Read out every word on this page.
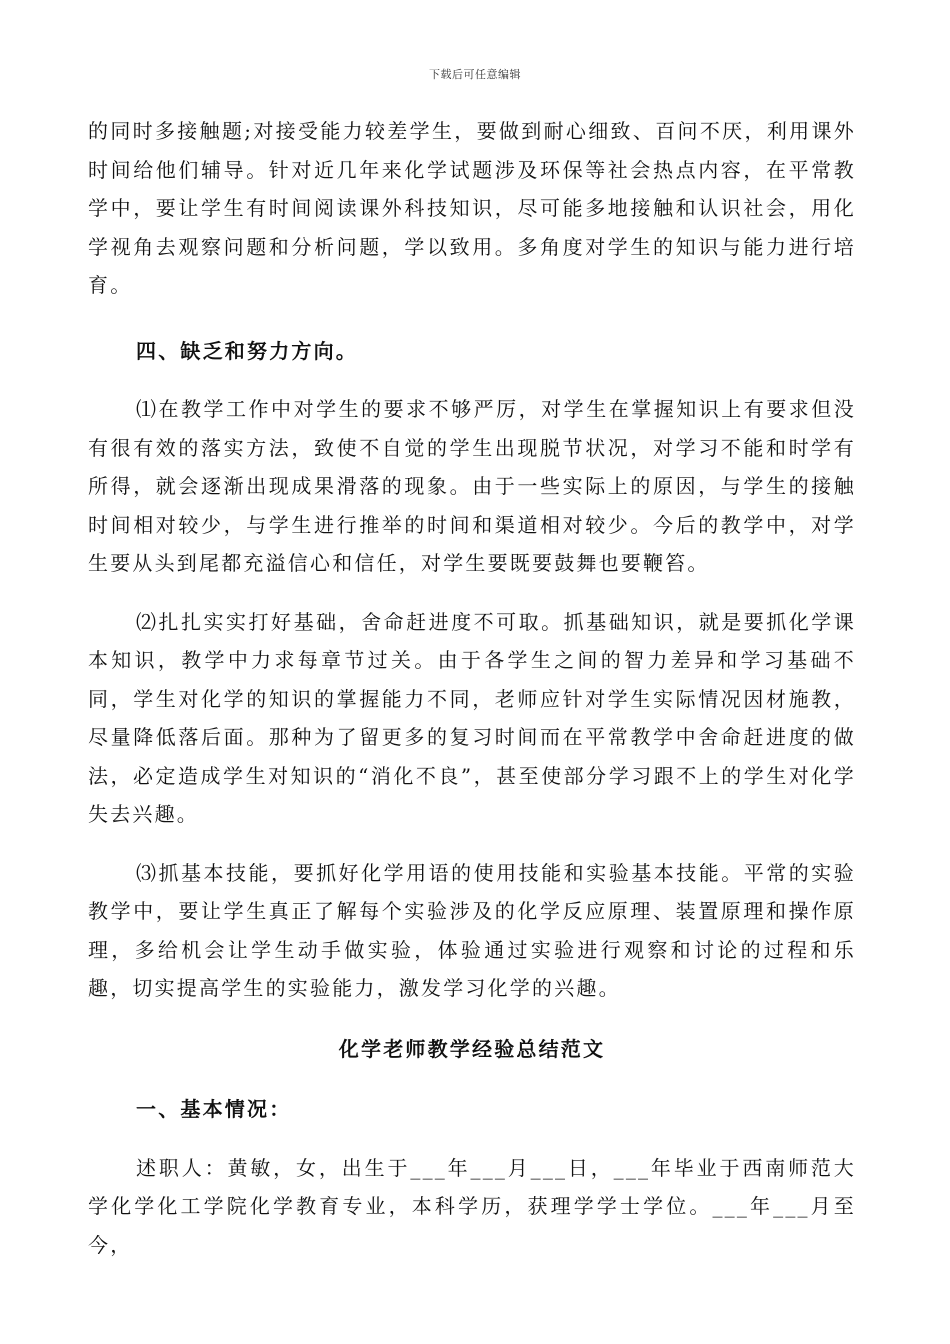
下载后可任意编辑

的同时多接触题;对接受能力较差学生，要做到耐心细致、百问不厌，利用课外时间给他们辅导。针对近几年来化学试题涉及环保等社会热点内容，在平常教学中，要让学生有时间阅读课外科技知识，尽可能多地接触和认识社会，用化学视角去观察问题和分析问题，学以致用。多角度对学生的知识与能力进行培育。

四、缺乏和努力方向。

⑴在教学工作中对学生的要求不够严厉，对学生在掌握知识上有要求但没有很有效的落实方法，致使不自觉的学生出现脱节状况，对学习不能和时学有所得，就会逐渐出现成果滑落的现象。由于一些实际上的原因，与学生的接触时间相对较少，与学生进行推举的时间和渠道相对较少。今后的教学中，对学生要从头到尾都充溢信心和信任，对学生要既要鼓舞也要鞭笞。

⑵扎扎实实打好基础，舍命赶进度不可取。抓基础知识，就是要抓化学课本知识，教学中力求每章节过关。由于各学生之间的智力差异和学习基础不同，学生对化学的知识的掌握能力不同，老师应针对学生实际情况因材施教，尽量降低落后面。那种为了留更多的复习时间而在平常教学中舍命赶进度的做法，必定造成学生对知识的“消化不良”，甚至使部分学习跟不上的学生对化学失去兴趣。

⑶抓基本技能，要抓好化学用语的使用技能和实验基本技能。平常的实验教学中，要让学生真正了解每个实验涉及的化学反应原理、装置原理和操作原理，多给机会让学生动手做实验，体验通过实验进行观察和讨论的过程和乐趣，切实提高学生的实验能力，激发学习化学的兴趣。

化学老师教学经验总结范文

一、基本情况：

述职人：黄敏，女，出生于___年___月___日，___年毕业于西南师范大学化学化工学院化学教育专业，本科学历，获理学学士学位。___年___月至今，
